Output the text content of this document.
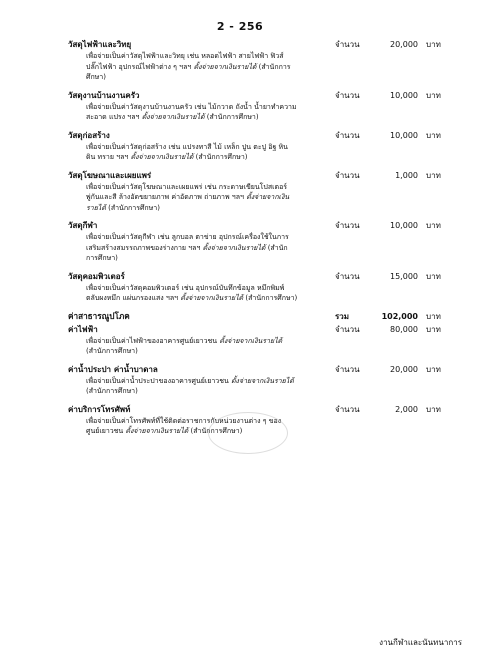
2 - 256
วัสดุไฟฟ้าและวิทยุ	จำนวน	20,000 บาท
เพื่อจ่ายเป็นค่าวัสดุไฟฟ้าและวิทยุ เช่น หลอดไฟฟ้า สายไฟฟ้า ฟิวส์ ปลั๊กไฟฟ้า อุปกรณ์ไฟฟ้าต่าง ๆ ฯลฯ ตั้งจ่ายจากเงินรายได้ (สำนักการศึกษา)
วัสดุงานบ้านงานครัว	จำนวน	10,000 บาท
เพื่อจ่ายเป็นค่าวัสดุงานบ้านงานครัว เช่น ไม้กวาด ถังน้ำ น้ำยาทำความสะอาด แปรง ฯลฯ ตั้งจ่ายจากเงินรายได้ (สำนักการศึกษา)
วัสดุก่อสร้าง	จำนวน	10,000 บาท
เพื่อจ่ายเป็นค่าวัสดุก่อสร้าง เช่น แปรงทาสี ไม้ เหล็ก ปูน ตะปู อิฐ หิน ดิน ทราย ฯลฯ ตั้งจ่ายจากเงินรายได้ (สำนักการศึกษา)
วัสดุโฆษณาและเผยแพร่	จำนวน	1,000 บาท
เพื่อจ่ายเป็นค่าวัสดุโฆษณาและเผยแพร่ เช่น กระดาษเขียนโปสเตอร์ พู่กันและสี ล้างอัดขยายภาพ ค่าอัดภาพ ถ่ายภาพ ฯลฯ ตั้งจ่ายจากเงินรายได้ (สำนักการศึกษา)
วัสดุกีฬา	จำนวน	10,000 บาท
เพื่อจ่ายเป็นค่าวัสดุกีฬา เช่น ลูกบอล ตาข่าย อุปกรณ์เครื่องใช้ในการเสริมสร้างสมรรถภาพของร่างกาย ฯลฯ ตั้งจ่ายจากเงินรายได้ (สำนักการศึกษา)
วัสดุคอมพิวเตอร์	จำนวน	15,000 บาท
เพื่อจ่ายเป็นค่าวัสดุคอมพิวเตอร์ เช่น อุปกรณ์บันทึกข้อมูล หมึกพิมพ์ ตลับผงหมึก แผ่นกรองแสง ฯลฯ ตั้งจ่ายจากเงินรายได้ (สำนักการศึกษา)
ค่าสาธารณูปโภค	รวม	102,000 บาท
ค่าไฟฟ้า	จำนวน	80,000 บาท
เพื่อจ่ายเป็นค่าไฟฟ้าของอาคารศูนย์เยาวชน ตั้งจ่ายจากเงินรายได้ (สำนักการศึกษา)
ค่าน้ำประปา ค่าน้ำบาดาล	จำนวน	20,000 บาท
เพื่อจ่ายเป็นค่าน้ำประปาของอาคารศูนย์เยาวชน ตั้งจ่ายจากเงินรายได้ (สำนักการศึกษา)
ค่าบริการโทรศัพท์	จำนวน	2,000 บาท
เพื่อจ่ายเป็นค่าโทรศัพท์ที่ใช้ติดต่อราชการกับหน่วยงานต่าง ๆ ของศูนย์เยาวชน ตั้งจ่ายจากเงินรายได้ (สำนักการศึกษา)
งานกีฬาและนันทนาการ
